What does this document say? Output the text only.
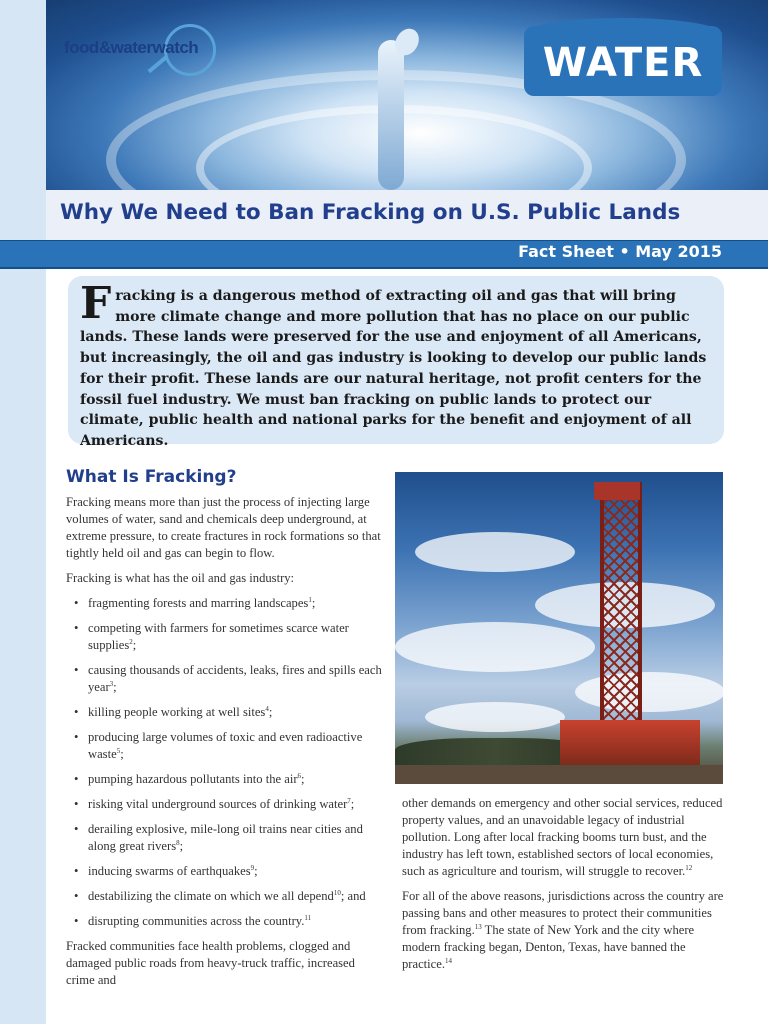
food&waterwatch	WATER
Why We Need to Ban Fracking on U.S. Public Lands
Fact Sheet • May 2015

Fracking is a dangerous method of extracting oil and gas that will bring more climate change and more pollution that has no place on our public lands. These lands were preserved for the use and enjoyment of all Americans, but increasingly, the oil and gas industry is looking to develop our public lands for their profit. These lands are our natural heritage, not profit centers for the fossil fuel industry. We must ban fracking on public lands to protect our climate, public health and national parks for the benefit and enjoyment of all Americans.

What Is Fracking?

Fracking means more than just the process of injecting large volumes of water, sand and chemicals deep underground, at extreme pressure, to create fractures in rock formations so that tightly held oil and gas can begin to flow.

Fracking is what has the oil and gas industry:

• fragmenting forests and marring landscapes$^1$;
• competing with farmers for sometimes scarce water supplies$^2$;
• causing thousands of accidents, leaks, fires and spills each year$^3$;
• killing people working at well sites$^4$;
• producing large volumes of toxic and even radioactive waste$^5$;
• pumping hazardous pollutants into the air$^6$;
• risking vital underground sources of drinking water$^7$;
• derailing explosive, mile-long oil trains near cities and along great rivers$^8$;
• inducing swarms of earthquakes$^9$;
• destabilizing the climate on which we all depend$^{10}$; and
• disrupting communities across the country.$^{11}$

Fracked communities face health problems, clogged and damaged public roads from heavy-truck traffic, increased crime and

other demands on emergency and other social services, reduced property values, and an unavoidable legacy of industrial pollution. Long after local fracking booms turn bust, and the industry has left town, established sectors of local economies, such as agriculture and tourism, will struggle to recover.$^{12}$

For all of the above reasons, jurisdictions across the country are passing bans and other measures to protect their communities from fracking.$^{13}$ The state of New York and the city where modern fracking began, Denton, Texas, have banned the practice.$^{14}$
